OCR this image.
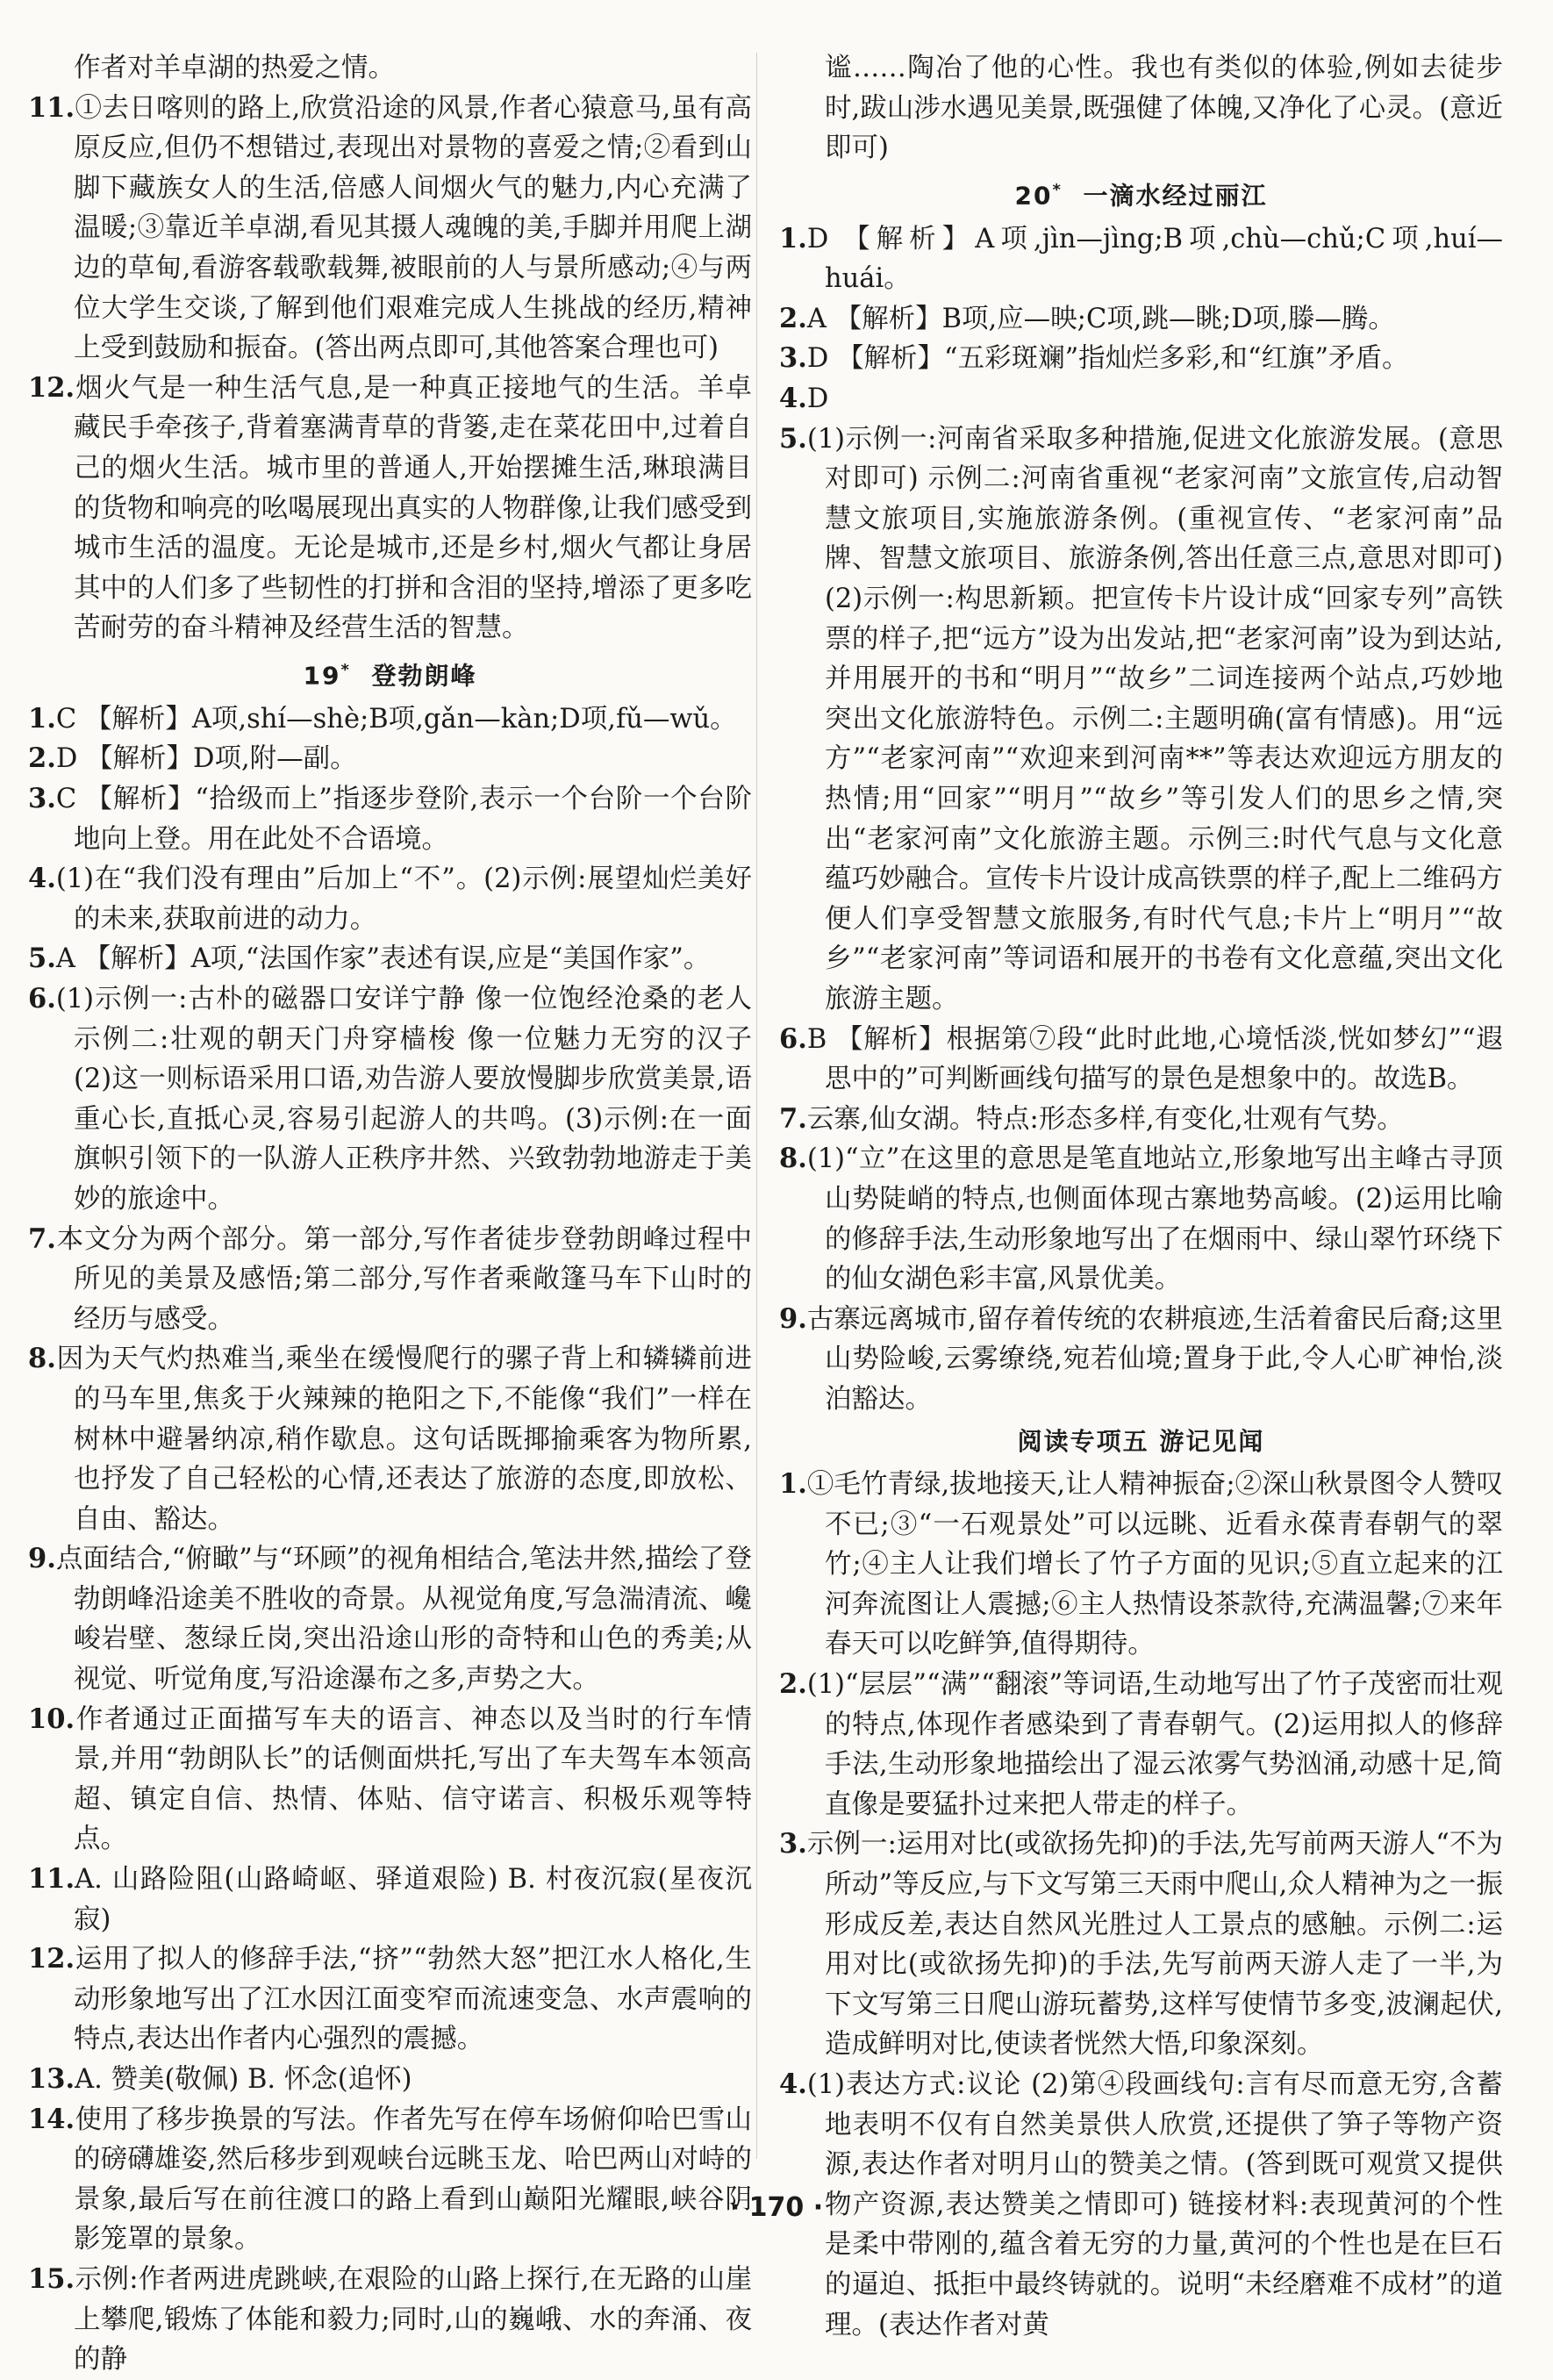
作者对羊卓湖的热爱之情。
11.①去日喀则的路上,欣赏沿途的风景,作者心猿意马,虽有高原反应,但仍不想错过,表现出对景物的喜爱之情;②看到山脚下藏族女人的生活,倍感人间烟火气的魅力,内心充满了温暖;③靠近羊卓湖,看见其摄人魂魄的美,手脚并用爬上湖边的草甸,看游客载歌载舞,被眼前的人与景所感动;④与两位大学生交谈,了解到他们艰难完成人生挑战的经历,精神上受到鼓励和振奋。(答出两点即可,其他答案合理也可)
12.烟火气是一种生活气息,是一种真正接地气的生活。羊卓藏民手牵孩子,背着塞满青草的背篓,走在菜花田中,过着自己的烟火生活。城市里的普通人,开始摆摊生活,琳琅满目的货物和响亮的吆喝展现出真实的人物群像,让我们感受到城市生活的温度。无论是城市,还是乡村,烟火气都让身居其中的人们多了些韧性的打拼和含泪的坚持,增添了更多吃苦耐劳的奋斗精神及经营生活的智慧。
19* 登勃朗峰
1.C 【解析】A项,shí—shè;B项,gǎn—kàn;D项,fǔ—wǔ。
2.D 【解析】D项,附—副。
3.C 【解析】“拾级而上”指逐步登阶,表示一个台阶一个台阶地向上登。用在此处不合语境。
4.(1)在“我们没有理由”后加上“不”。(2)示例:展望灿烂美好的未来,获取前进的动力。
5.A 【解析】A项,“法国作家”表述有误,应是“美国作家”。
6.(1)示例一:古朴的磁器口安详宁静 像一位饱经沧桑的老人 示例二:壮观的朝天门舟穿樯梭 像一位魅力无穷的汉子 (2)这一则标语采用口语,劝告游人要放慢脚步欣赏美景,语重心长,直抵心灵,容易引起游人的共鸣。(3)示例:在一面旗帜引领下的一队游人正秩序井然、兴致勃勃地游走于美妙的旅途中。
7.本文分为两个部分。第一部分,写作者徒步登勃朗峰过程中所见的美景及感悟;第二部分,写作者乘敞篷马车下山时的经历与感受。
8.因为天气灼热难当,乘坐在缓慢爬行的骡子背上和辚辚前进的马车里,焦炙于火辣辣的艳阳之下,不能像“我们”一样在树林中避暑纳凉,稍作歇息。这句话既揶揄乘客为物所累,也抒发了自己轻松的心情,还表达了旅游的态度,即放松、自由、豁达。
9.点面结合,“俯瞰”与“环顾”的视角相结合,笔法井然,描绘了登勃朗峰沿途美不胜收的奇景。从视觉角度,写急湍清流、巉峻岩壁、葱绿丘岗,突出沿途山形的奇特和山色的秀美;从视觉、听觉角度,写沿途瀑布之多,声势之大。
10.作者通过正面描写车夫的语言、神态以及当时的行车情景,并用“勃朗队长”的话侧面烘托,写出了车夫驾车本领高超、镇定自信、热情、体贴、信守诺言、积极乐观等特点。
11.A. 山路险阻(山路崎岖、驿道艰险) B. 村夜沉寂(星夜沉寂)
12.运用了拟人的修辞手法,“挤”“勃然大怒”把江水人格化,生动形象地写出了江水因江面变窄而流速变急、水声震响的特点,表达出作者内心强烈的震撼。
13.A. 赞美(敬佩) B. 怀念(追怀)
14.使用了移步换景的写法。作者先写在停车场俯仰哈巴雪山的磅礴雄姿,然后移步到观峡台远眺玉龙、哈巴两山对峙的景象,最后写在前往渡口的路上看到山巅阳光耀眼,峡谷阴影笼罩的景象。
15.示例:作者两进虎跳峡,在艰险的山路上探行,在无路的山崖上攀爬,锻炼了体能和毅力;同时,山的巍峨、水的奔涌、夜的静
谧……陶冶了他的心性。我也有类似的体验,例如去徒步时,跋山涉水遇见美景,既强健了体魄,又净化了心灵。(意近即可)
20* 一滴水经过丽江
1.D 【解析】A项,jìn—jìng;B项,chù—chǔ;C项,huí—huái。
2.A 【解析】B项,应—映;C项,跳—眺;D项,滕—腾。
3.D 【解析】“五彩斑斓”指灿烂多彩,和“红旗”矛盾。
4.D
5.(1)示例一:河南省采取多种措施,促进文化旅游发展。(意思对即可) 示例二:河南省重视“老家河南”文旅宣传,启动智慧文旅项目,实施旅游条例。(重视宣传、“老家河南”品牌、智慧文旅项目、旅游条例,答出任意三点,意思对即可) (2)示例一:构思新颖。把宣传卡片设计成“回家专列”高铁票的样子,把“远方”设为出发站,把“老家河南”设为到达站,并用展开的书和“明月”“故乡”二词连接两个站点,巧妙地突出文化旅游特色。示例二:主题明确(富有情感)。用“远方”“老家河南”“欢迎来到河南**”等表达欢迎远方朋友的热情;用“回家”“明月”“故乡”等引发人们的思乡之情,突出“老家河南”文化旅游主题。示例三:时代气息与文化意蕴巧妙融合。宣传卡片设计成高铁票的样子,配上二维码方便人们享受智慧文旅服务,有时代气息;卡片上“明月”“故乡”“老家河南”等词语和展开的书卷有文化意蕴,突出文化旅游主题。
6.B 【解析】根据第⑦段“此时此地,心境恬淡,恍如梦幻”“遐思中的”可判断画线句描写的景色是想象中的。故选B。
7.云寨,仙女湖。特点:形态多样,有变化,壮观有气势。
8.(1)“立”在这里的意思是笔直地站立,形象地写出主峰古寻顶山势陡峭的特点,也侧面体现古寨地势高峻。(2)运用比喻的修辞手法,生动形象地写出了在烟雨中、绿山翠竹环绕下的仙女湖色彩丰富,风景优美。
9.古寨远离城市,留存着传统的农耕痕迹,生活着畲民后裔;这里山势险峻,云雾缭绕,宛若仙境;置身于此,令人心旷神怡,淡泊豁达。
阅读专项五 游记见闻
1.①毛竹青绿,拔地接天,让人精神振奋;②深山秋景图令人赞叹不已;③“一石观景处”可以远眺、近看永葆青春朝气的翠竹;④主人让我们增长了竹子方面的见识;⑤直立起来的江河奔流图让人震撼;⑥主人热情设茶款待,充满温馨;⑦来年春天可以吃鲜笋,值得期待。
2.(1)“层层”“满”“翻滚”等词语,生动地写出了竹子茂密而壮观的特点,体现作者感染到了青春朝气。(2)运用拟人的修辞手法,生动形象地描绘出了湿云浓雾气势汹涌,动感十足,简直像是要猛扑过来把人带走的样子。
3.示例一:运用对比(或欲扬先抑)的手法,先写前两天游人“不为所动”等反应,与下文写第三天雨中爬山,众人精神为之一振形成反差,表达自然风光胜过人工景点的感触。示例二:运用对比(或欲扬先抑)的手法,先写前两天游人走了一半,为下文写第三日爬山游玩蓄势,这样写使情节多变,波澜起伏,造成鲜明对比,使读者恍然大悟,印象深刻。
4.(1)表达方式:议论 (2)第④段画线句:言有尽而意无穷,含蓄地表明不仅有自然美景供人欣赏,还提供了笋子等物产资源,表达作者对明月山的赞美之情。(答到既可观赏又提供物产资源,表达赞美之情即可) 链接材料:表现黄河的个性是柔中带刚的,蕴含着无穷的力量,黄河的个性也是在巨石的逼迫、抵拒中最终铸就的。说明“未经磨难不成材”的道理。(表达作者对黄
· 170 ·
